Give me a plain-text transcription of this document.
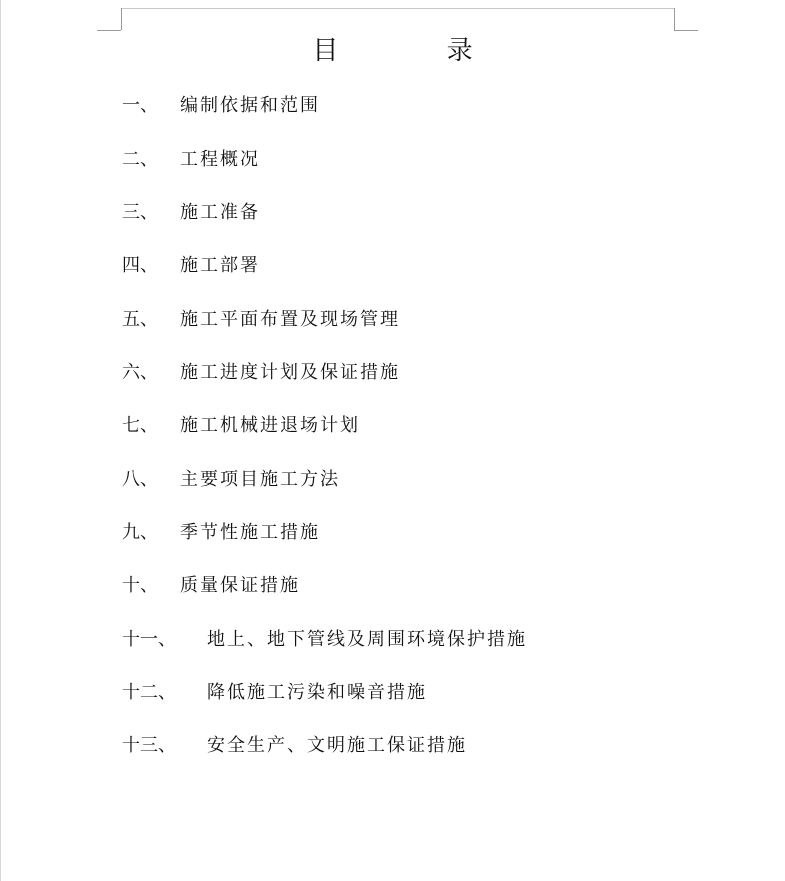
目 录
一、 编制依据和范围
二、 工程概况
三、 施工准备
四、 施工部署
五、 施工平面布置及现场管理
六、 施工进度计划及保证措施
七、 施工机械进退场计划
八、 主要项目施工方法
九、 季节性施工措施
十、 质量保证措施
十一、 地上、地下管线及周围环境保护措施
十二、 降低施工污染和噪音措施
十三、 安全生产、文明施工保证措施
